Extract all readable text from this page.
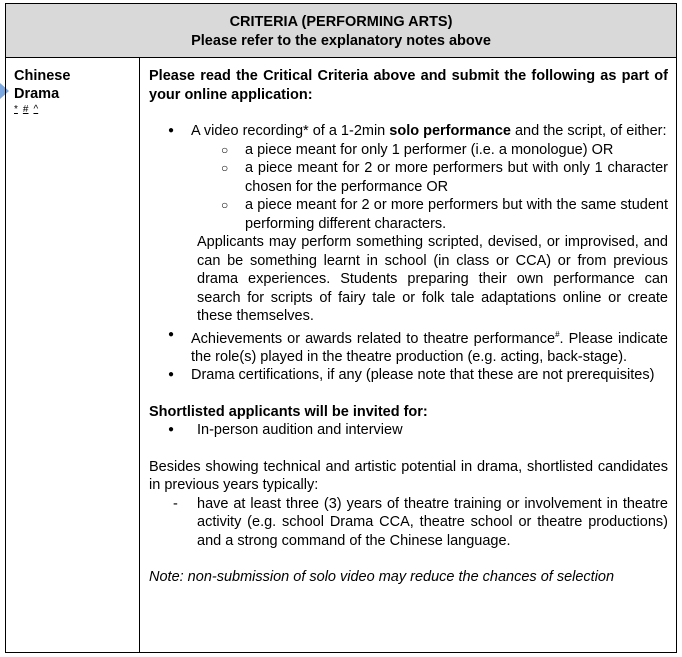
CRITERIA (PERFORMING ARTS)
Please refer to the explanatory notes above
Chinese
Drama
* # ^

Please read the Critical Criteria above and submit the following as part of your online application:

● A video recording* of a 1-2min solo performance and the script, of either:
○ a piece meant for only 1 performer (i.e. a monologue) OR
○ a piece meant for 2 or more performers but with only 1 character chosen for the performance OR
○ a piece meant for 2 or more performers but with the same student performing different characters.

Applicants may perform something scripted, devised, or improvised, and can be something learnt in school (in class or CCA) or from previous drama experiences. Students preparing their own performance can search for scripts of fairy tale or folk tale adaptations online or create these themselves.

● Achievements or awards related to theatre performance#. Please indicate the role(s) played in the theatre production (e.g. acting, back-stage).
● Drama certifications, if any (please note that these are not prerequisites)

Shortlisted applicants will be invited for:

● In-person audition and interview

Besides showing technical and artistic potential in drama, shortlisted candidates in previous years typically:

- have at least three (3) years of theatre training or involvement in theatre activity (e.g. school Drama CCA, theatre school or theatre productions) and a strong command of the Chinese language.

Note: non-submission of solo video may reduce the chances of selection
